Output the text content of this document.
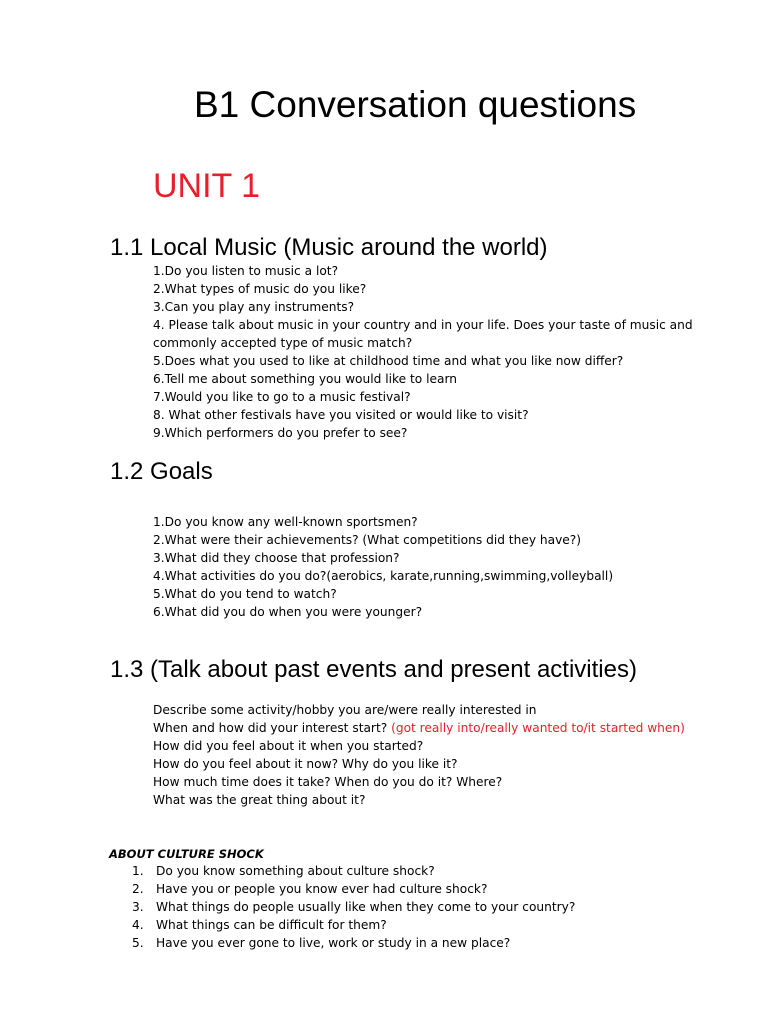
B1 Conversation questions
UNIT 1
1.1 Local Music (Music around the world)
1.Do you listen to music a lot?
2.What types of music do you like?
3.Can you play any instruments?
4. Please talk about music in your country and in your life. Does your taste of music and commonly accepted type of music match?
5.Does what you used to like at childhood time and what you like now differ?
6.Tell me about something you would like to learn
7.Would you like to go to a music festival?
8. What other festivals have you visited or would like to visit?
9.Which performers do you prefer to see?
1.2 Goals
1.Do you know any well-known sportsmen?
2.What were their achievements? (What competitions did they have?)
3.What did they choose that profession?
4.What activities do you do?(aerobics, karate,running,swimming,volleyball)
5.What do you tend to watch?
6.What did you do when you were younger?
1.3 (Talk about past events and present activities)
Describe some activity/hobby you are/were really interested in
When and how did your interest start? (got really into/really wanted to/it started when)
How did you feel about it when you started?
How do you feel about it now? Why do you like it?
How much time does it take? When do you do it? Where?
What was the great thing about it?
ABOUT CULTURE SHOCK
1. Do you know something about culture shock?
2. Have you or people you know ever had culture shock?
3. What things do people usually like when they come to your country?
4. What things can be difficult for them?
5. Have you ever gone to live, work or study in a new place?
